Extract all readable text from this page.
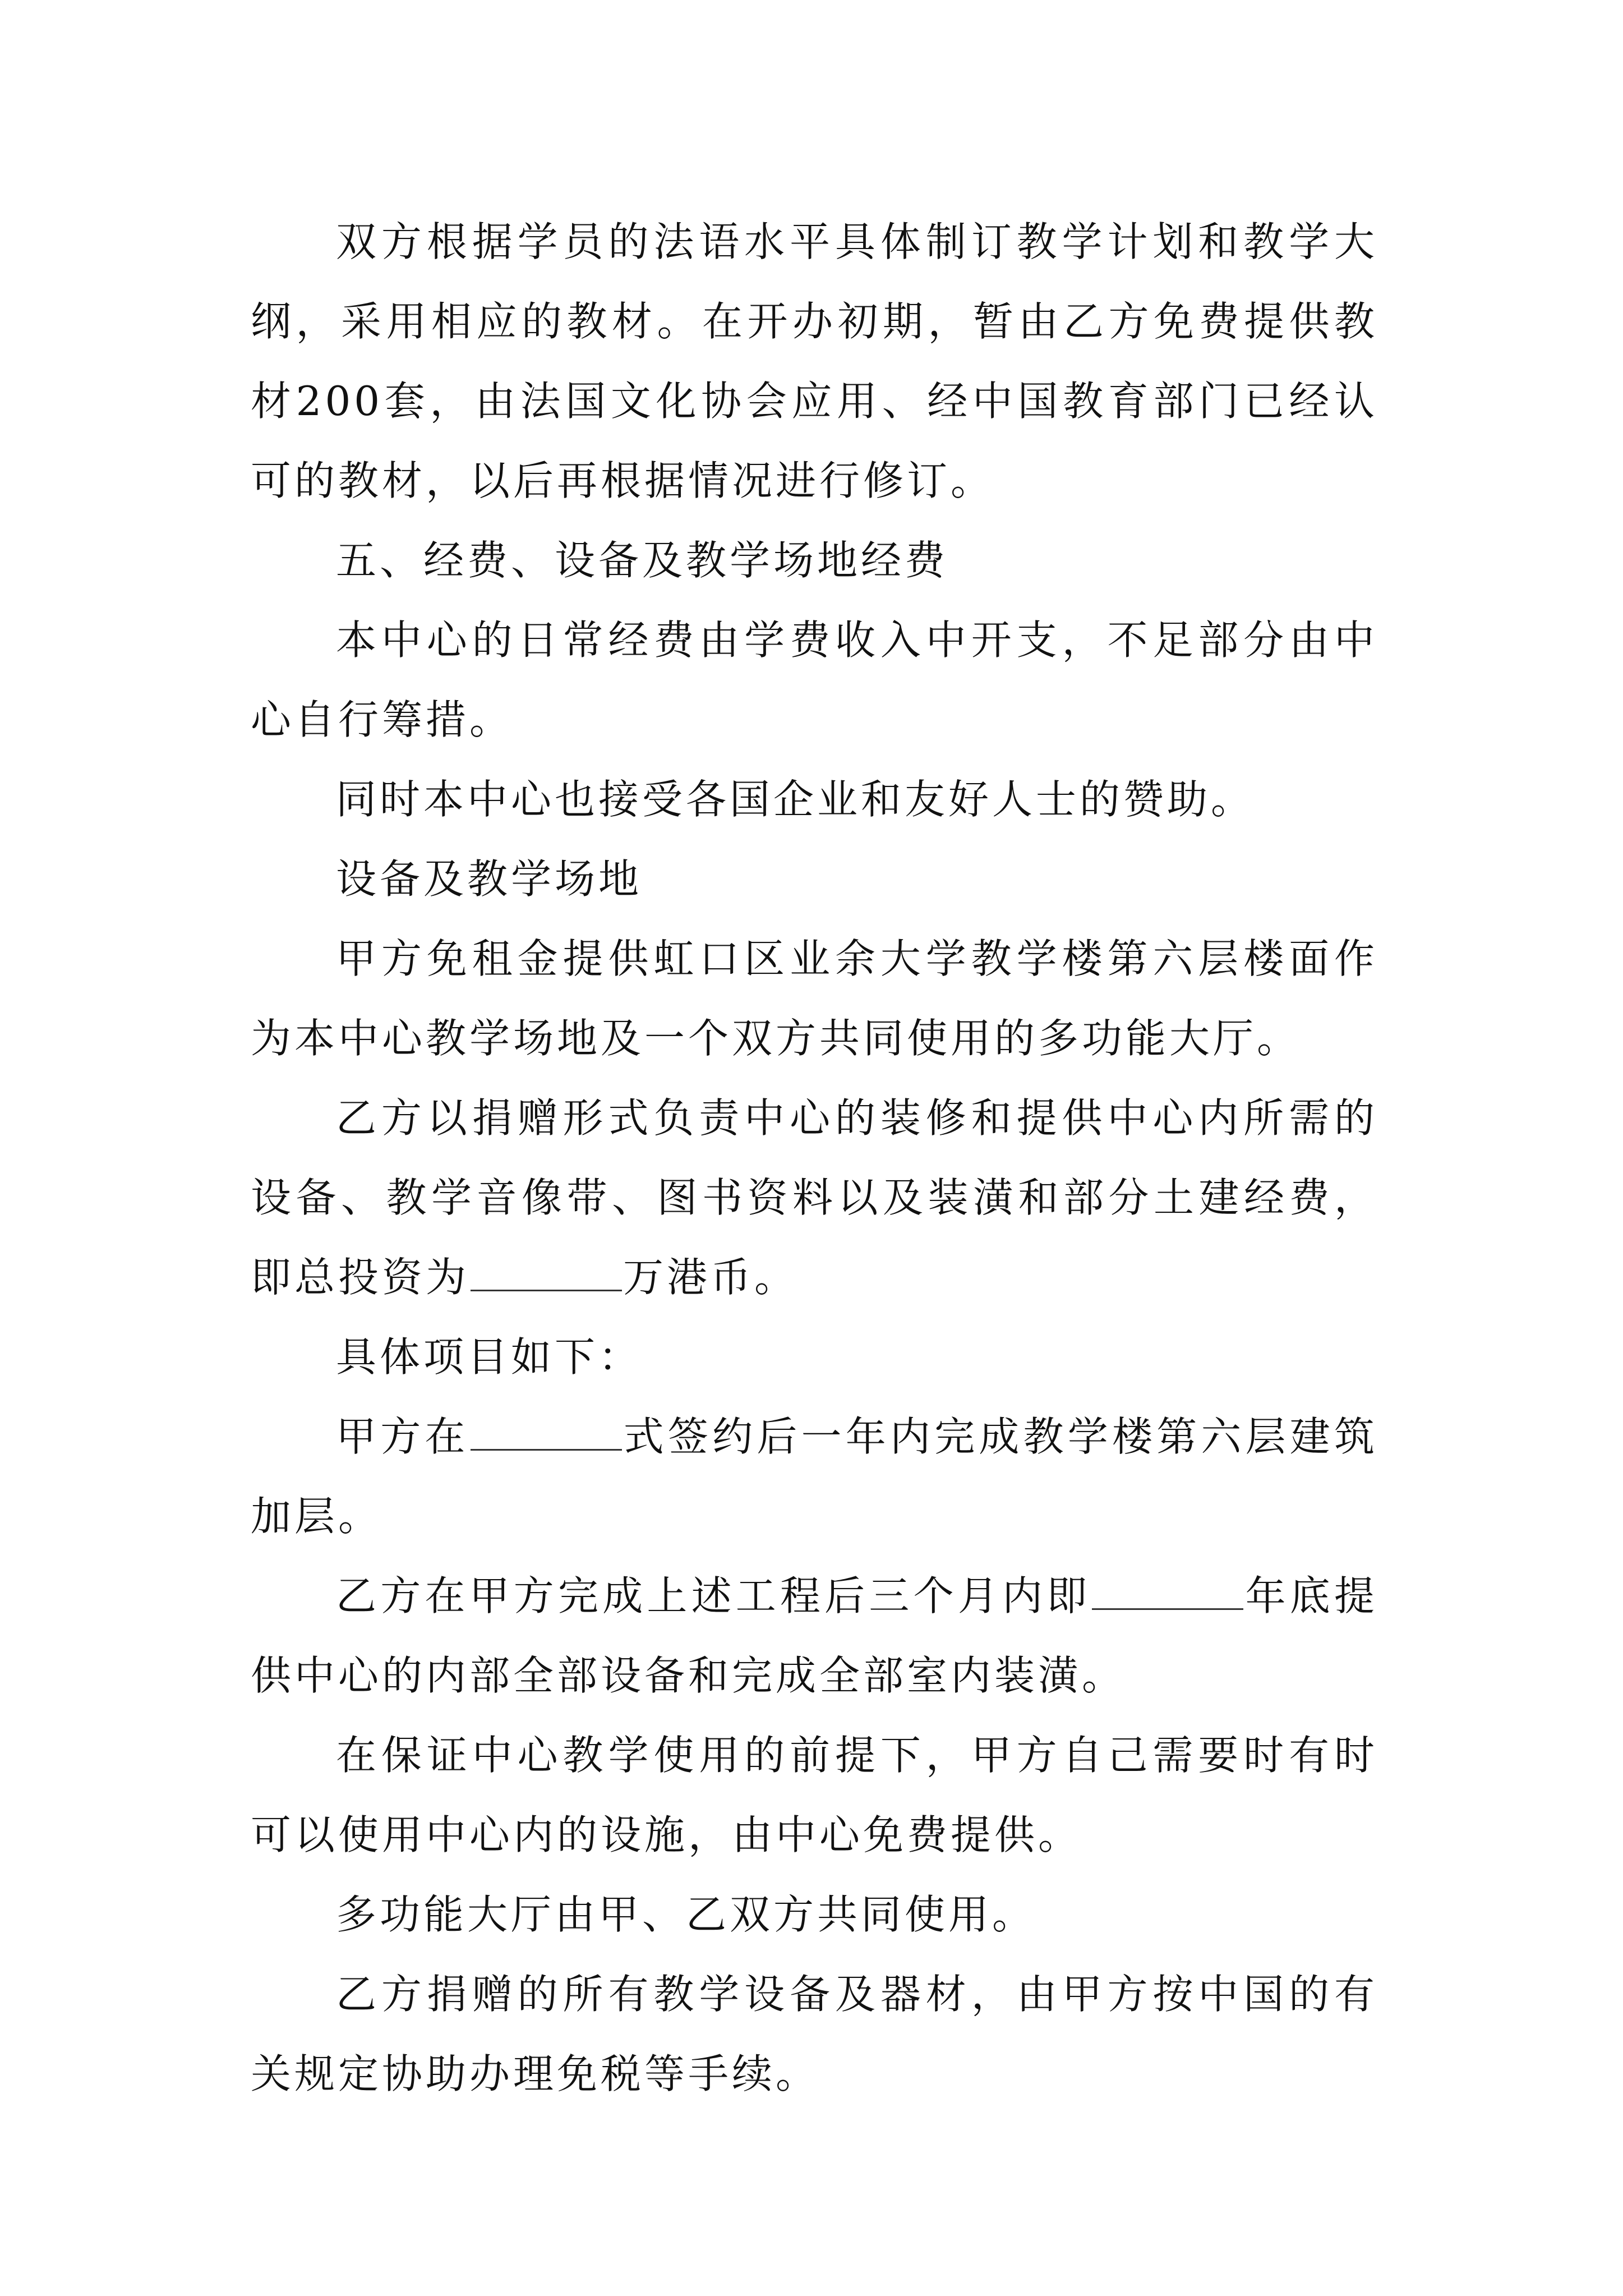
双方根据学员的法语水平具体制订教学计划和教学大纲，采用相应的教材。在开办初期，暂由乙方免费提供教材200套，由法国文化协会应用、经中国教育部门已经认可的教材，以后再根据情况进行修订。

五、经费、设备及教学场地经费

本中心的日常经费由学费收入中开支，不足部分由中心自行筹措。

同时本中心也接受各国企业和友好人士的赞助。

设备及教学场地

甲方免租金提供虹口区业余大学教学楼第六层楼面作为本中心教学场地及一个双方共同使用的多功能大厅。

乙方以捐赠形式负责中心的装修和提供中心内所需的设备、教学音像带、图书资料以及装潢和部分土建经费，即总投资为	万港币。

具体项目如下：

甲方在	式签约后一年内完成教学楼第六层建筑加层。

乙方在甲方完成上述工程后三个月内即	年底提供中心的内部全部设备和完成全部室内装潢。

在保证中心教学使用的前提下，甲方自己需要时有时可以使用中心内的设施，由中心免费提供。

多功能大厅由甲、乙双方共同使用。

乙方捐赠的所有教学设备及器材，由甲方按中国的有关规定协助办理免税等手续。
